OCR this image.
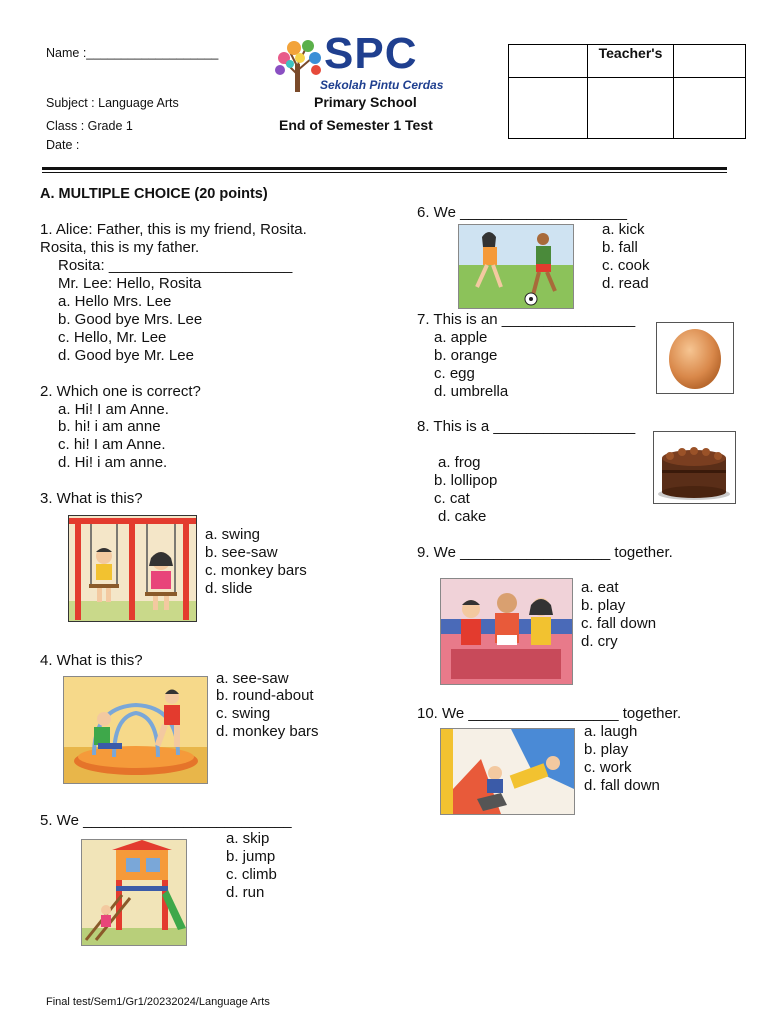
Name :___________________
Subject : Language Arts
Class : Grade 1
Date :
SPC
Sekolah Pintu Cerdas
Primary School
End of Semester 1 Test
	Teacher's	

A. MULTIPLE CHOICE (20 points)
1. Alice: Father, this is my friend, Rosita.
Rosita, this is my father.
Rosita: ______________________
Mr. Lee: Hello, Rosita
a. Hello Mrs. Lee
b. Good bye Mrs. Lee
c. Hello, Mr. Lee
d. Good bye Mr. Lee
2. Which one is correct?
a. Hi! I am Anne.
b. hi! i am anne
c. hi! I am Anne.
d. Hi! i am anne.
3. What is this?
a. swing
b. see-saw
c. monkey bars
d. slide
4. What is this?
a. see-saw
b. round-about
c. swing
d. monkey bars
5. We _________________________
a. skip
b. jump
c. climb
d. run
6. We ____________________
a. kick
b. fall
c. cook
d. read
7. This is an ________________
a. apple
b. orange
c. egg
d. umbrella
8. This is a _________________
a. frog
b. lollipop
c. cat
d. cake
9. We __________________ together.
a. eat
b. play
c. fall down
d. cry
10. We __________________ together.
a. laugh
b. play
c. work
d. fall down
Final test/Sem1/Gr1/20232024/Language Arts
